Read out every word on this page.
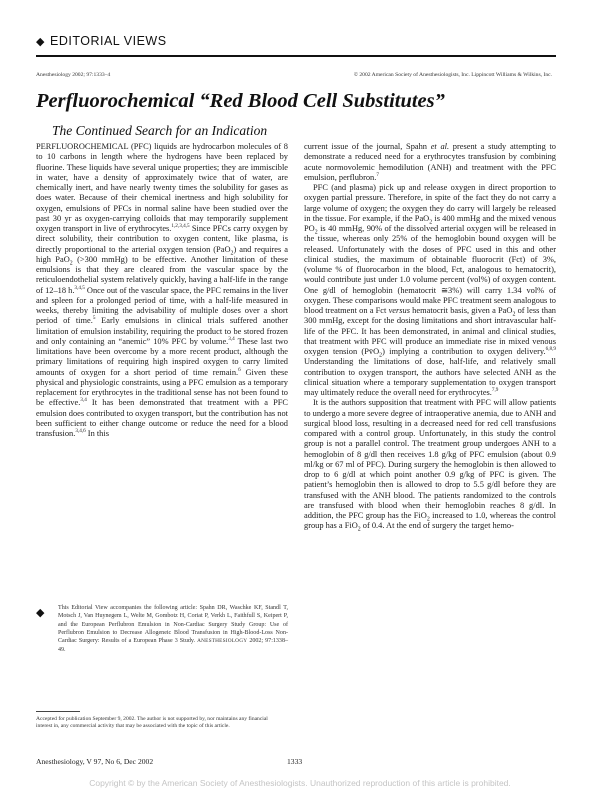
◆ EDITORIAL VIEWS
Anesthesiology 2002; 97:1333–4	© 2002 American Society of Anesthesiologists, Inc. Lippincott Williams & Wilkins, Inc.
Perfluorochemical “Red Blood Cell Substitutes”
The Continued Search for an Indication

PERFLUOROCHEMICAL (PFC) liquids are hydrocarbon molecules of 8 to 10 carbons in length where the hydrogens have been replaced by fluorine. These liquids have several unique properties; they are immiscible in water, have a density of approximately twice that of water, are chemically inert, and have nearly twenty times the solubility for gases as does water. Because of their chemical inertness and high solubility for oxygen, emulsions of PFCs in normal saline have been studied over the past 30 yr as oxygen-carrying colloids that may temporarily supplement oxygen transport in live of erythrocytes.$^{1,2,3,4,5}$ Since PFCs carry oxygen by direct solubility, their contribution to oxygen content, like plasma, is directly proportional to the arterial oxygen tension (PaO$_2$) and requires a high PaO$_2$ (>300 mmHg) to be effective. Another limitation of these emulsions is that they are cleared from the vascular space by the reticuloendothelial system relatively quickly, having a half-life in the range of 12–18 h.$^{3,4,5}$ Once out of the vascular space, the PFC remains in the liver and spleen for a prolonged period of time, with a half-life measured in weeks, thereby limiting the advisability of multiple doses over a short period of time.$^5$ Early emulsions in clinical trials suffered another limitation of emulsion instability, requiring the product to be stored frozen and only containing an “anemic” 10% PFC by volume.$^{3,4}$ These last two limitations have been overcome by a more recent product, although the primary limitations of requiring high inspired oxygen to carry limited amounts of oxygen for a short period of time remain.$^6$ Given these physical and physiologic constraints, using a PFC emulsion as a temporary replacement for erythrocytes in the traditional sense has not been found to be effective.$^{3,4}$ It has been demonstrated that treatment with a PFC emulsion does contributed to oxygen transport, but the contribution has not been sufficient to either change outcome or reduce the need for a blood transfusion.$^{3,4,6}$ In this

◆ This Editorial View accompanies the following article: Spahn DR, Waschke KF, Standl T, Motsch J, Van Huynegem L, Welte M, Gombotz H, Coriat P, Verkh L, Faithfull S, Keipert P, and the European Perflubron Emulsion in Non-Cardiac Surgery Study Group: Use of Perflubron Emulsion to Decrease Allogeneic Blood Transfusion in High-Blood-Loss Non-Cardiac Surgery: Results of a European Phase 3 Study. ANESTHESIOLOGY 2002; 97:1338–49.

Accepted for publication September 9, 2002. The author is not supported by, nor maintains any financial interest in, any commercial activity that may be associated with the topic of this article.

current issue of the journal, Spahn et al. present a study attempting to demonstrate a reduced need for a erythrocytes transfusion by combining acute normovolemic hemodilution (ANH) and treatment with the PFC emulsion, perflubron.$^7$

PFC (and plasma) pick up and release oxygen in direct proportion to oxygen partial pressure. Therefore, in spite of the fact they do not carry a large volume of oxygen; the oxygen they do carry will largely be released in the tissue. For example, if the PaO$_2$ is 400 mmHg and the mixed venous $PO_2$ is 40 mmHg, 90% of the dissolved arterial oxygen will be released in the tissue, whereas only 25% of the hemoglobin bound oxygen will be released. Unfortunately with the doses of PFC used in this and other clinical studies, the maximum of obtainable fluorocrit (Fct) of 3%, (volume % of fluorocarbon in the blood, Fct, analogous to hematocrit), would contribute just under 1.0 volume percent (vol%) of oxygen content. One g/dl of hemoglobin (hematocrit ≅3%) will carry 1.34 vol% of oxygen. These comparisons would make PFC treatment seem analogous to blood treatment on a Fct versus hematocrit basis, given a PaO$_2$ of less than 300 mmHg, except for the dosing limitations and short intravascular half-life of the PFC. It has been demonstrated, in animal and clinical studies, that treatment with PFC will produce an immediate rise in mixed venous oxygen tension $(Pv̄O_2)$ implying a contribution to oxygen delivery.$^{6,8,9}$ Understanding the limitations of dose, half-life, and relatively small contribution to oxygen transport, the authors have selected ANH as the clinical situation where a temporary supplementation to oxygen transport may ultimately reduce the overall need for erythrocytes.$^{7,9}$

It is the authors supposition that treatment with PFC will allow patients to undergo a more severe degree of intraoperative anemia, due to ANH and surgical blood loss, resulting in a decreased need for red cell transfusions compared with a control group. Unfortunately, in this study the control group is not a parallel control. The treatment group undergoes ANH to a hemoglobin of 8 g/dl then receives 1.8 g/kg of PFC emulsion (about 0.9 ml/kg or 67 ml of PFC). During surgery the hemoglobin is then allowed to drop to 6 g/dl at which point another 0.9 g/kg of PFC is given. The patient’s hemoglobin then is allowed to drop to 5.5 g/dl before they are transfused with the ANH blood. The patients randomized to the controls are transfused with blood when their hemoglobin reaches 8 g/dl. In addition, the PFC group has the FiO$_2$ increased to 1.0, whereas the control group has a FiO$_2$ of 0.4. At the end of surgery the target hemo-

Anesthesiology, V 97, No 6, Dec 2002	1333
Copyright © by the American Society of Anesthesiologists. Unauthorized reproduction of this article is prohibited.
